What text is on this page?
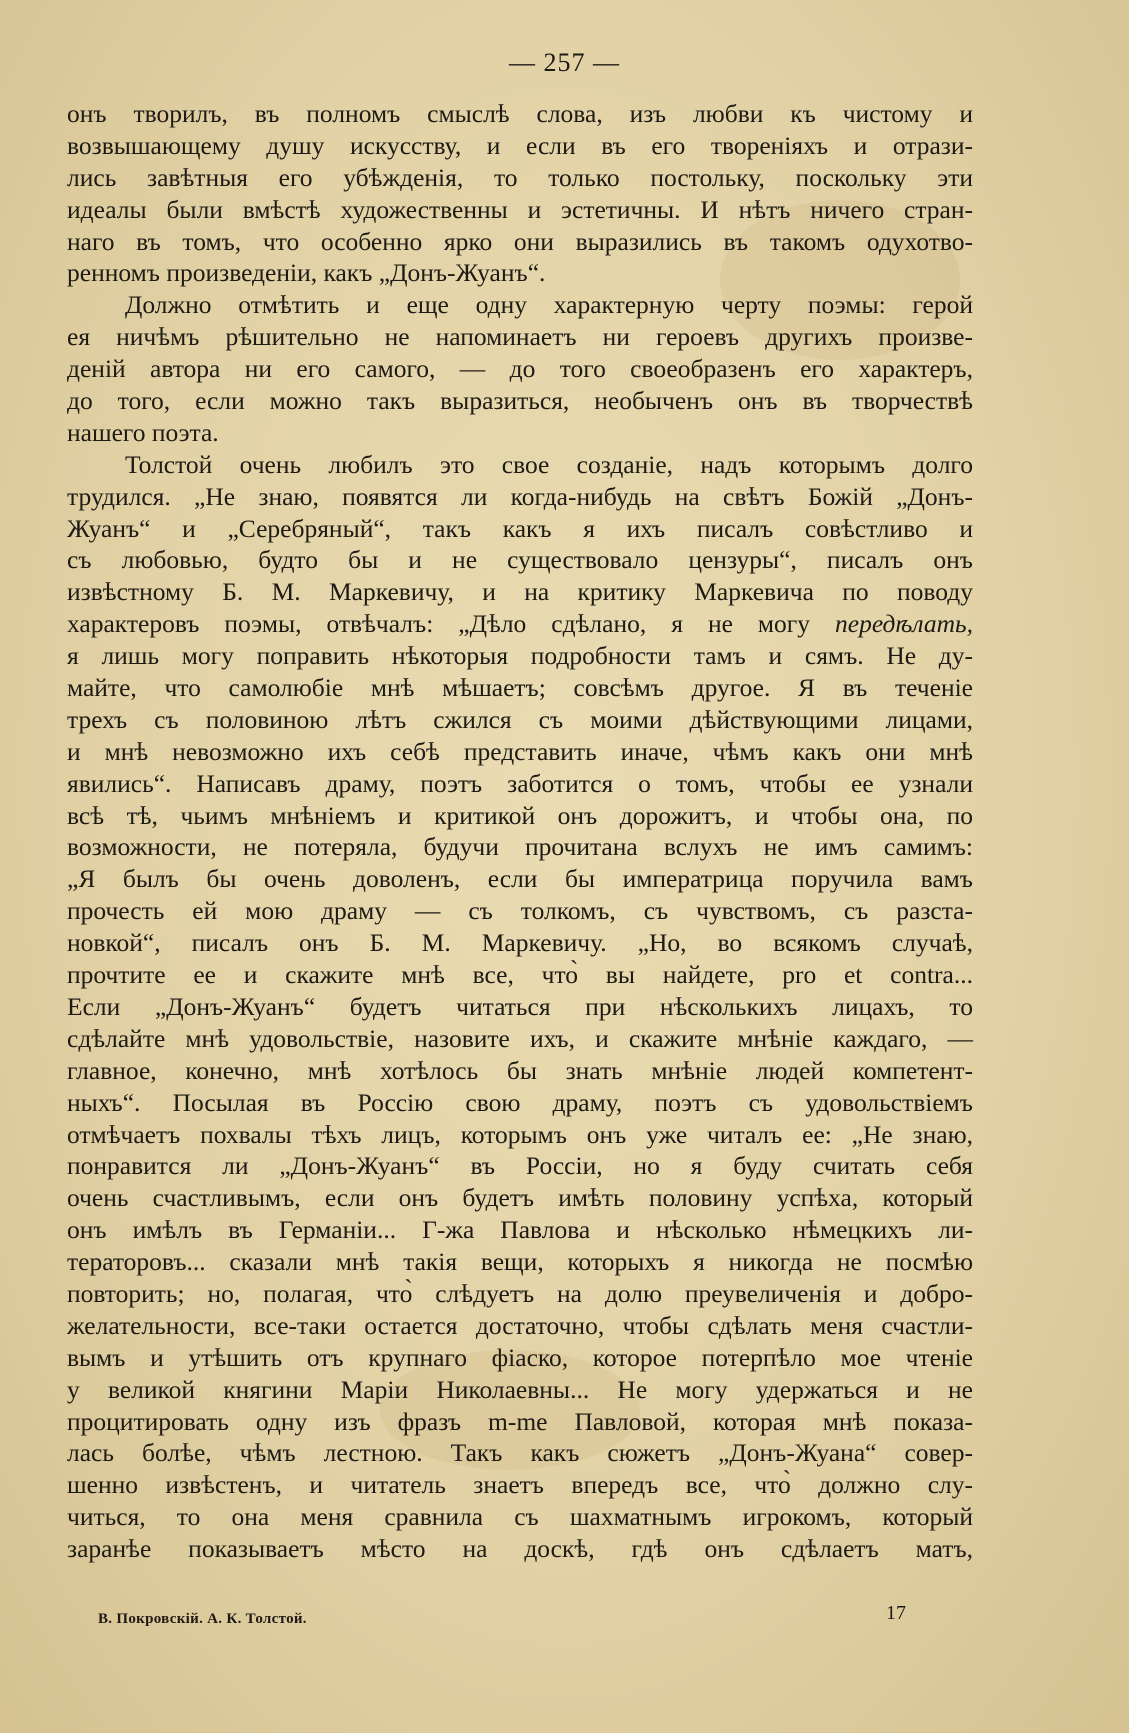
— 257 —
онъ творилъ, въ полномъ смыслѣ слова, изъ любви къ чистому и
возвышающему душу искусству, и если въ его твореніяхъ и отрази-
лись завѣтныя его убѣжденія, то только постольку, поскольку эти
идеалы были вмѣстѣ художественны и эстетичны. И нѣтъ ничего стран-
наго въ томъ, что особенно ярко они выразились въ такомъ одухотво-
ренномъ произведеніи, какъ „Донъ-Жуанъ“.
Должно отмѣтить и еще одну характерную черту поэмы: герой
ея ничѣмъ рѣшительно не напоминаетъ ни героевъ другихъ произве-
деній автора ни его самого, — до того своеобразенъ его характеръ,
до того, если можно такъ выразиться, необыченъ онъ въ творчествѣ
нашего поэта.
Толстой очень любилъ это свое созданіе, надъ которымъ долго
трудился. „Не знаю, появятся ли когда-нибудь на свѣтъ Божій „Донъ-
Жуанъ“ и „Серебряный“, такъ какъ я ихъ писалъ совѣстливо и
съ любовью, будто бы и не существовало цензуры“, писалъ онъ
извѣстному Б. М. Маркевичу, и на критику Маркевича по поводу
характеровъ поэмы, отвѣчалъ: „Дѣло сдѣлано, я не могу передѣлать,
я лишь могу поправить нѣкоторыя подробности тамъ и сямъ. Не ду-
майте, что самолюбіе мнѣ мѣшаетъ; совсѣмъ другое. Я въ теченіе
трехъ съ половиною лѣтъ сжился съ моими дѣйствующими лицами,
и мнѣ невозможно ихъ себѣ представить иначе, чѣмъ какъ они мнѣ
явились“. Написавъ драму, поэтъ заботится о томъ, чтобы ее узнали
всѣ тѣ, чьимъ мнѣніемъ и критикой онъ дорожитъ, и чтобы она, по
возможности, не потеряла, будучи прочитана вслухъ не имъ самимъ:
„Я былъ бы очень доволенъ, если бы императрица поручила вамъ
прочесть ей мою драму — съ толкомъ, съ чувствомъ, съ разста-
новкой“, писалъ онъ Б. М. Маркевичу. „Но, во всякомъ случаѣ,
прочтите ее и скажите мнѣ все, что̀ вы найдете, pro et contra...
Если „Донъ-Жуанъ“ будетъ читаться при нѣсколькихъ лицахъ, то
сдѣлайте мнѣ удовольствіе, назовите ихъ, и скажите мнѣніе каждаго, —
главное, конечно, мнѣ хотѣлось бы знать мнѣніе людей компетент-
ныхъ“. Посылая въ Россію свою драму, поэтъ съ удовольствіемъ
отмѣчаетъ похвалы тѣхъ лицъ, которымъ онъ уже читалъ ее: „Не знаю,
понравится ли „Донъ-Жуанъ“ въ Россіи, но я буду считать себя
очень счастливымъ, если онъ будетъ имѣть половину успѣха, который
онъ имѣлъ въ Германіи... Г-жа Павлова и нѣсколько нѣмецкихъ ли-
тераторовъ... сказали мнѣ такія вещи, которыхъ я никогда не посмѣю
повторить; но, полагая, что̀ слѣдуетъ на долю преувеличенія и добро-
желательности, все-таки остается достаточно, чтобы сдѣлать меня счастли-
вымъ и утѣшить отъ крупнаго фіаско, которое потерпѣло мое чтеніе
у великой княгини Маріи Николаевны... Не могу удержаться и не
процитировать одну изъ фразъ m-me Павловой, которая мнѣ показа-
лась болѣе, чѣмъ лестною. Такъ какъ сюжетъ „Донъ-Жуана“ совер-
шенно извѣстенъ, и читатель знаетъ впередъ все, что̀ должно слу-
читься, то она меня сравнила съ шахматнымъ игрокомъ, который
заранѣе показываетъ мѣсто на доскѣ, гдѣ онъ сдѣлаетъ матъ,
В. Покровскій. А. К. Толстой.	17
